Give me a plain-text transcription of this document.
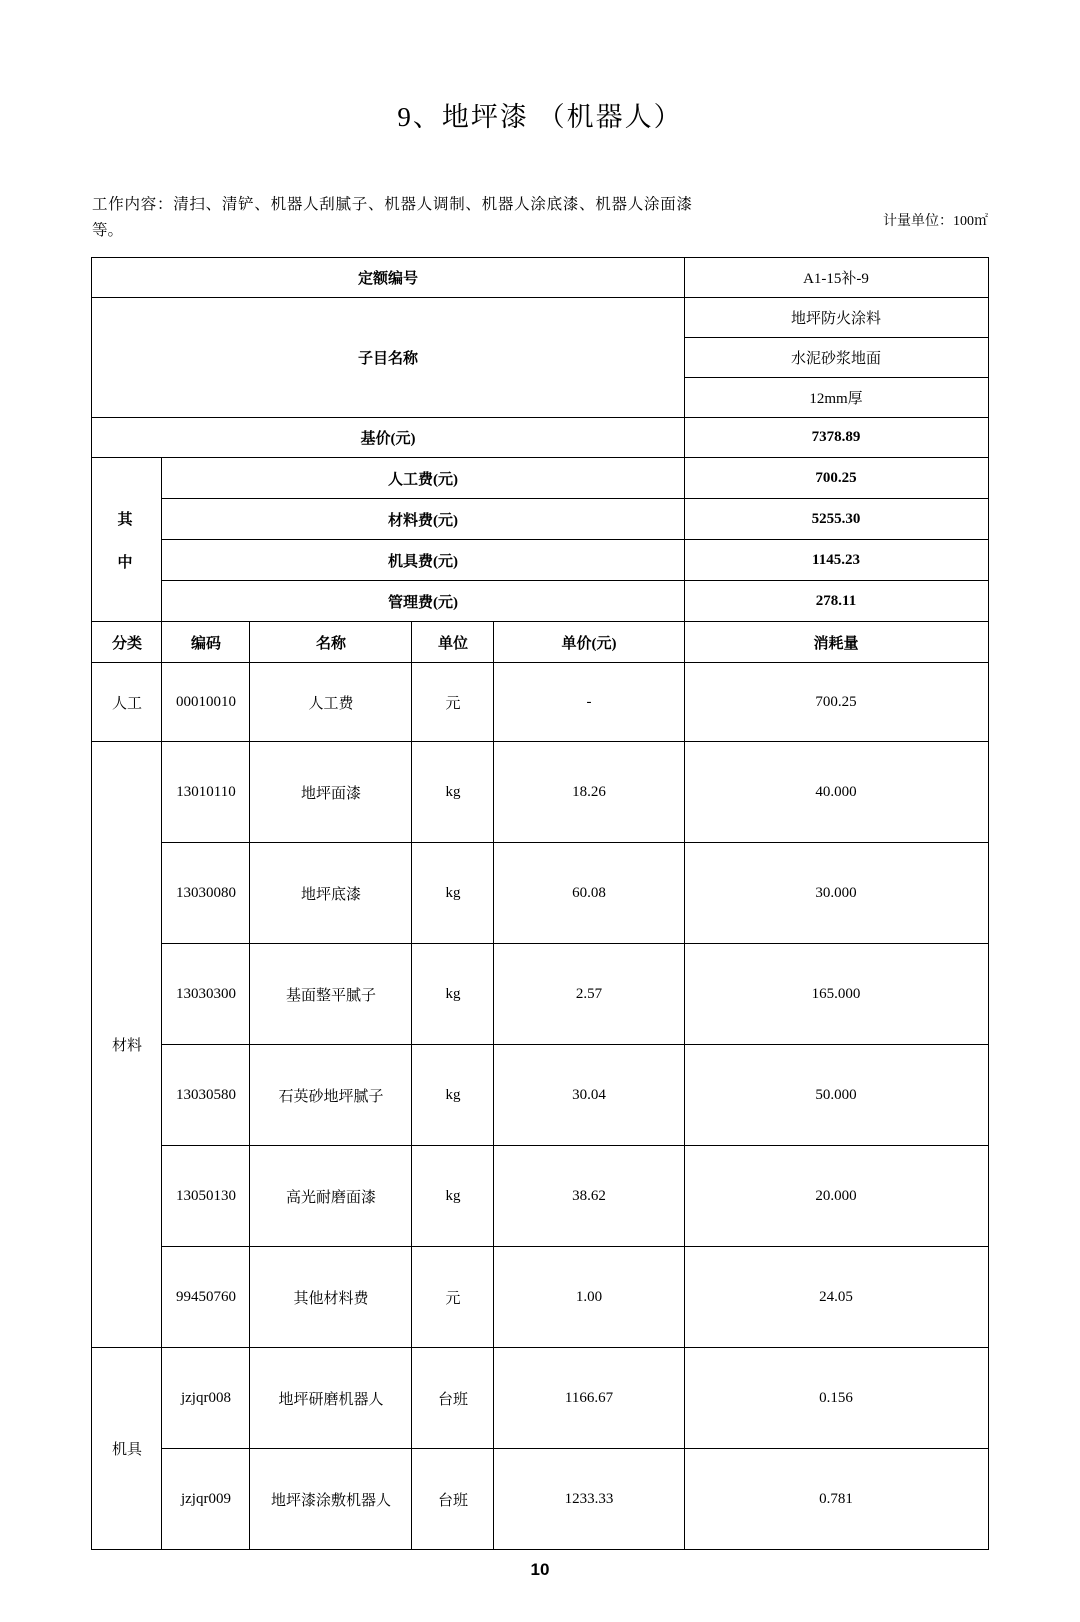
9、地坪漆 （机器人）
工作内容：清扫、清铲、机器人刮腻子、机器人调制、机器人涂底漆、机器人涂面漆等。
计量单位：100㎡
定额编号					A1-15补-9
子目名称					地坪防火涂料
					水泥砂浆地面
					12mm厚
基价(元)					7378.89

其
中	人工费(元)				700.25
	材料费(元)				5255.30
	机具费(元)				1145.23
	管理费(元)				278.11
分类	编码	名称	单位	单价(元)	消耗量
人工	00010010	人工费	元	-	700.25
材料	13010110	地坪面漆	kg	18.26	40.000
	13030080	地坪底漆	kg	60.08	30.000
	13030300	基面整平腻子	kg	2.57	165.000
	13030580	石英砂地坪腻子	kg	30.04	50.000
	13050130	高光耐磨面漆	kg	38.62	20.000
	99450760	其他材料费	元	1.00	24.05
机具	jzjqr008	地坪研磨机器人	台班	1166.67	0.156
	jzjqr009	地坪漆涂敷机器人	台班	1233.33	0.781
10
